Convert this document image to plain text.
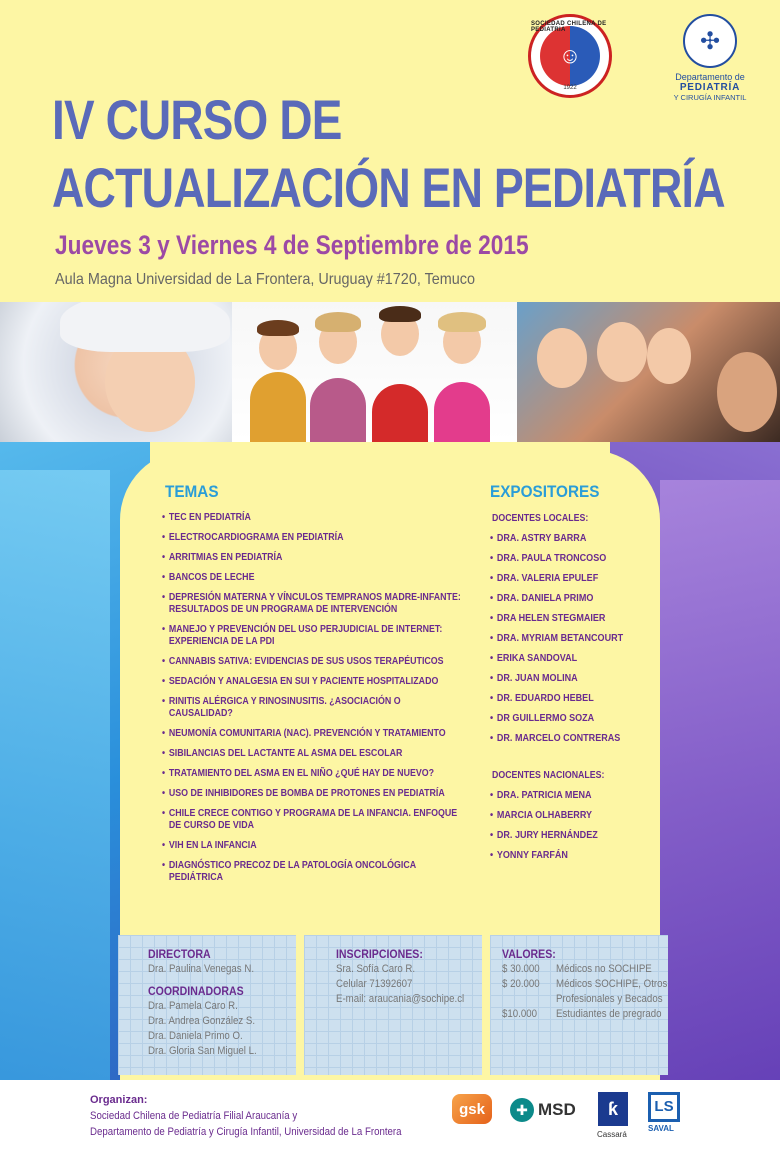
SOCIEDAD CHILENA DE PEDIATRIA
☺
1922
✣
Departamento de
PEDIATRÍA
Y CIRUGÍA INFANTIL
IV CURSO DE
ACTUALIZACIÓN EN PEDIATRÍA
Jueves 3 y Viernes 4 de Septiembre de 2015
Aula Magna Universidad de La Frontera, Uruguay #1720, Temuco
TEMAS
• TEC EN PEDIATRÍA
• ELECTROCARDIOGRAMA EN PEDIATRÍA
• ARRITMIAS EN PEDIATRÍA
• BANCOS DE LECHE
• DEPRESIÓN MATERNA Y VÍNCULOS TEMPRANOS MADRE-INFANTE: RESULTADOS DE UN PROGRAMA DE INTERVENCIÓN
• MANEJO Y PREVENCIÓN DEL USO PERJUDICIAL DE INTERNET: EXPERIENCIA DE LA PDI
• CANNABIS SATIVA: EVIDENCIAS DE SUS USOS TERAPÉUTICOS
• SEDACIÓN Y ANALGESIA EN SUI Y PACIENTE HOSPITALIZADO
• RINITIS ALÉRGICA Y RINOSINUSITIS. ¿ASOCIACIÓN O CAUSALIDAD?
• NEUMONÍA COMUNITARIA (NAC). PREVENCIÓN Y TRATAMIENTO
• SIBILANCIAS DEL LACTANTE AL ASMA DEL ESCOLAR
• TRATAMIENTO DEL ASMA EN EL NIÑO ¿QUÉ HAY DE NUEVO?
• USO DE INHIBIDORES DE BOMBA DE PROTONES EN PEDIATRÍA
• CHILE CRECE CONTIGO Y PROGRAMA DE LA INFANCIA. ENFOQUE DE CURSO DE VIDA
• VIH EN LA INFANCIA
• DIAGNÓSTICO PRECOZ DE LA PATOLOGÍA ONCOLÓGICA PEDIÁTRICA
EXPOSITORES
DOCENTES LOCALES:
• DRA. ASTRY BARRA
• DRA. PAULA TRONCOSO
• DRA. VALERIA EPULEF
• DRA. DANIELA PRIMO
• DRA HELEN STEGMAIER
• DRA. MYRIAM BETANCOURT
• ERIKA SANDOVAL
• DR. JUAN MOLINA
• DR. EDUARDO HEBEL
• DR GUILLERMO SOZA
• DR. MARCELO CONTRERAS
DOCENTES NACIONALES:
• DRA. PATRICIA MENA
• MARCIA OLHABERRY
• DR. JURY HERNÁNDEZ
• YONNY FARFÁN
DIRECTORA
Dra. Paulina Venegas N.
COORDINADORAS
Dra. Pamela Caro R.
Dra. Andrea González S.
Dra. Daniela Primo O.
Dra. Gloria San Miguel L.
INSCRIPCIONES:
Sra. Sofía Caro R.
Celular 71392607
E-mail: araucania@sochipe.cl
VALORES:
$ 30.000 Médicos no SOCHIPE
$ 20.000 Médicos SOCHIPE, Otros
Profesionales y Becados
$10.000 Estudiantes de pregrado
Organizan:
Sociedad Chilena de Pediatría Filial Araucanía y
Departamento de Pediatría y Cirugía Infantil, Universidad de La Frontera
gsk	✚ MSD	ƙ
Cassará
LS
SAVAL
